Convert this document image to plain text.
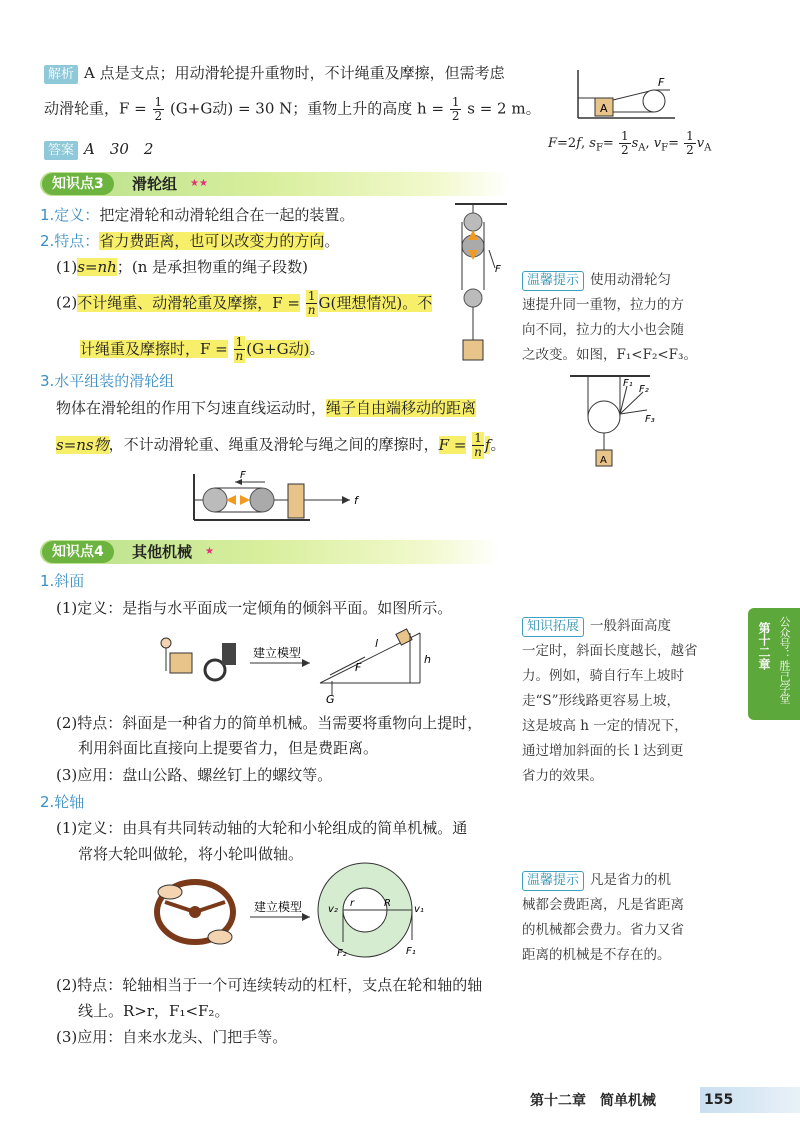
解析 A 点是支点；用动滑轮提升重物时，不计绳重及摩擦，但需考虑
动滑轮重，$F = \frac{1}{2} (G+G$动) = 30 N；重物上升的高度 $h = \frac{1}{2}$ s = 2 m。
答案 A　30　2
A
F
F=2f, $s_F= \frac{1}{2} s_A$, $v_F= \frac{1}{2} v_A$
知识点3	滑轮组 ★★
1.定义：把定滑轮和动滑轮组合在一起的装置。
2.特点：省力费距离，也可以改变力的方向。
(1)s=nh；(n 是承担物重的绳子段数)
(2)不计绳重、动滑轮重及摩擦，$F = \frac{1}{n} G$(理想情况)。不
计绳重及摩擦时，$F = \frac{1}{n} (G+G$动)。
F
3.水平组装的滑轮组
物体在滑轮组的作用下匀速直线运动时，绳子自由端移动的距离
s=ns物，不计动滑轮重、绳重及滑轮与绳之间的摩擦时，$F = \frac{1}{n}$ f。
f
F
温馨提示 使用动滑轮匀
速提升同一重物，拉力的方
向不同，拉力的大小也会随
之改变。如图，F₁<F₂<F₃。
A
F₁
F₂
F₃
知识点4	其他机械 ★
1.斜面
(1)定义：是指与水平面成一定倾角的倾斜平面。如图所示。
建立模型
l
F
h
G
(2)特点：斜面是一种省力的简单机械。当需要将重物向上提时，
利用斜面比直接向上提要省力，但是费距离。
(3)应用：盘山公路、螺丝钉上的螺纹等。
2.轮轴
(1)定义：由具有共同转动轴的大轮和小轮组成的简单机械。通
常将大轮叫做轮，将小轮叫做轴。
建立模型	r	R
v₂	v₁
F₂	F₁
(2)特点：轮轴相当于一个可连续转动的杠杆，支点在轮和轴的轴
线上。R>r，F₁<F₂。
(3)应用：自来水龙头、门把手等。
知识拓展 一般斜面高度
一定时，斜面长度越长，越省
力。例如，骑自行车上坡时
走“S”形线路更容易上坡，
这是坡高 h 一定的情况下，
通过增加斜面的长 l 达到更
省力的效果。
温馨提示 凡是省力的机
械都会费距离，凡是省距离
的机械都会费力。省力又省
距离的机械是不存在的。
公众号：胜己学堂
第十二章
第十二章　简单机械	155
